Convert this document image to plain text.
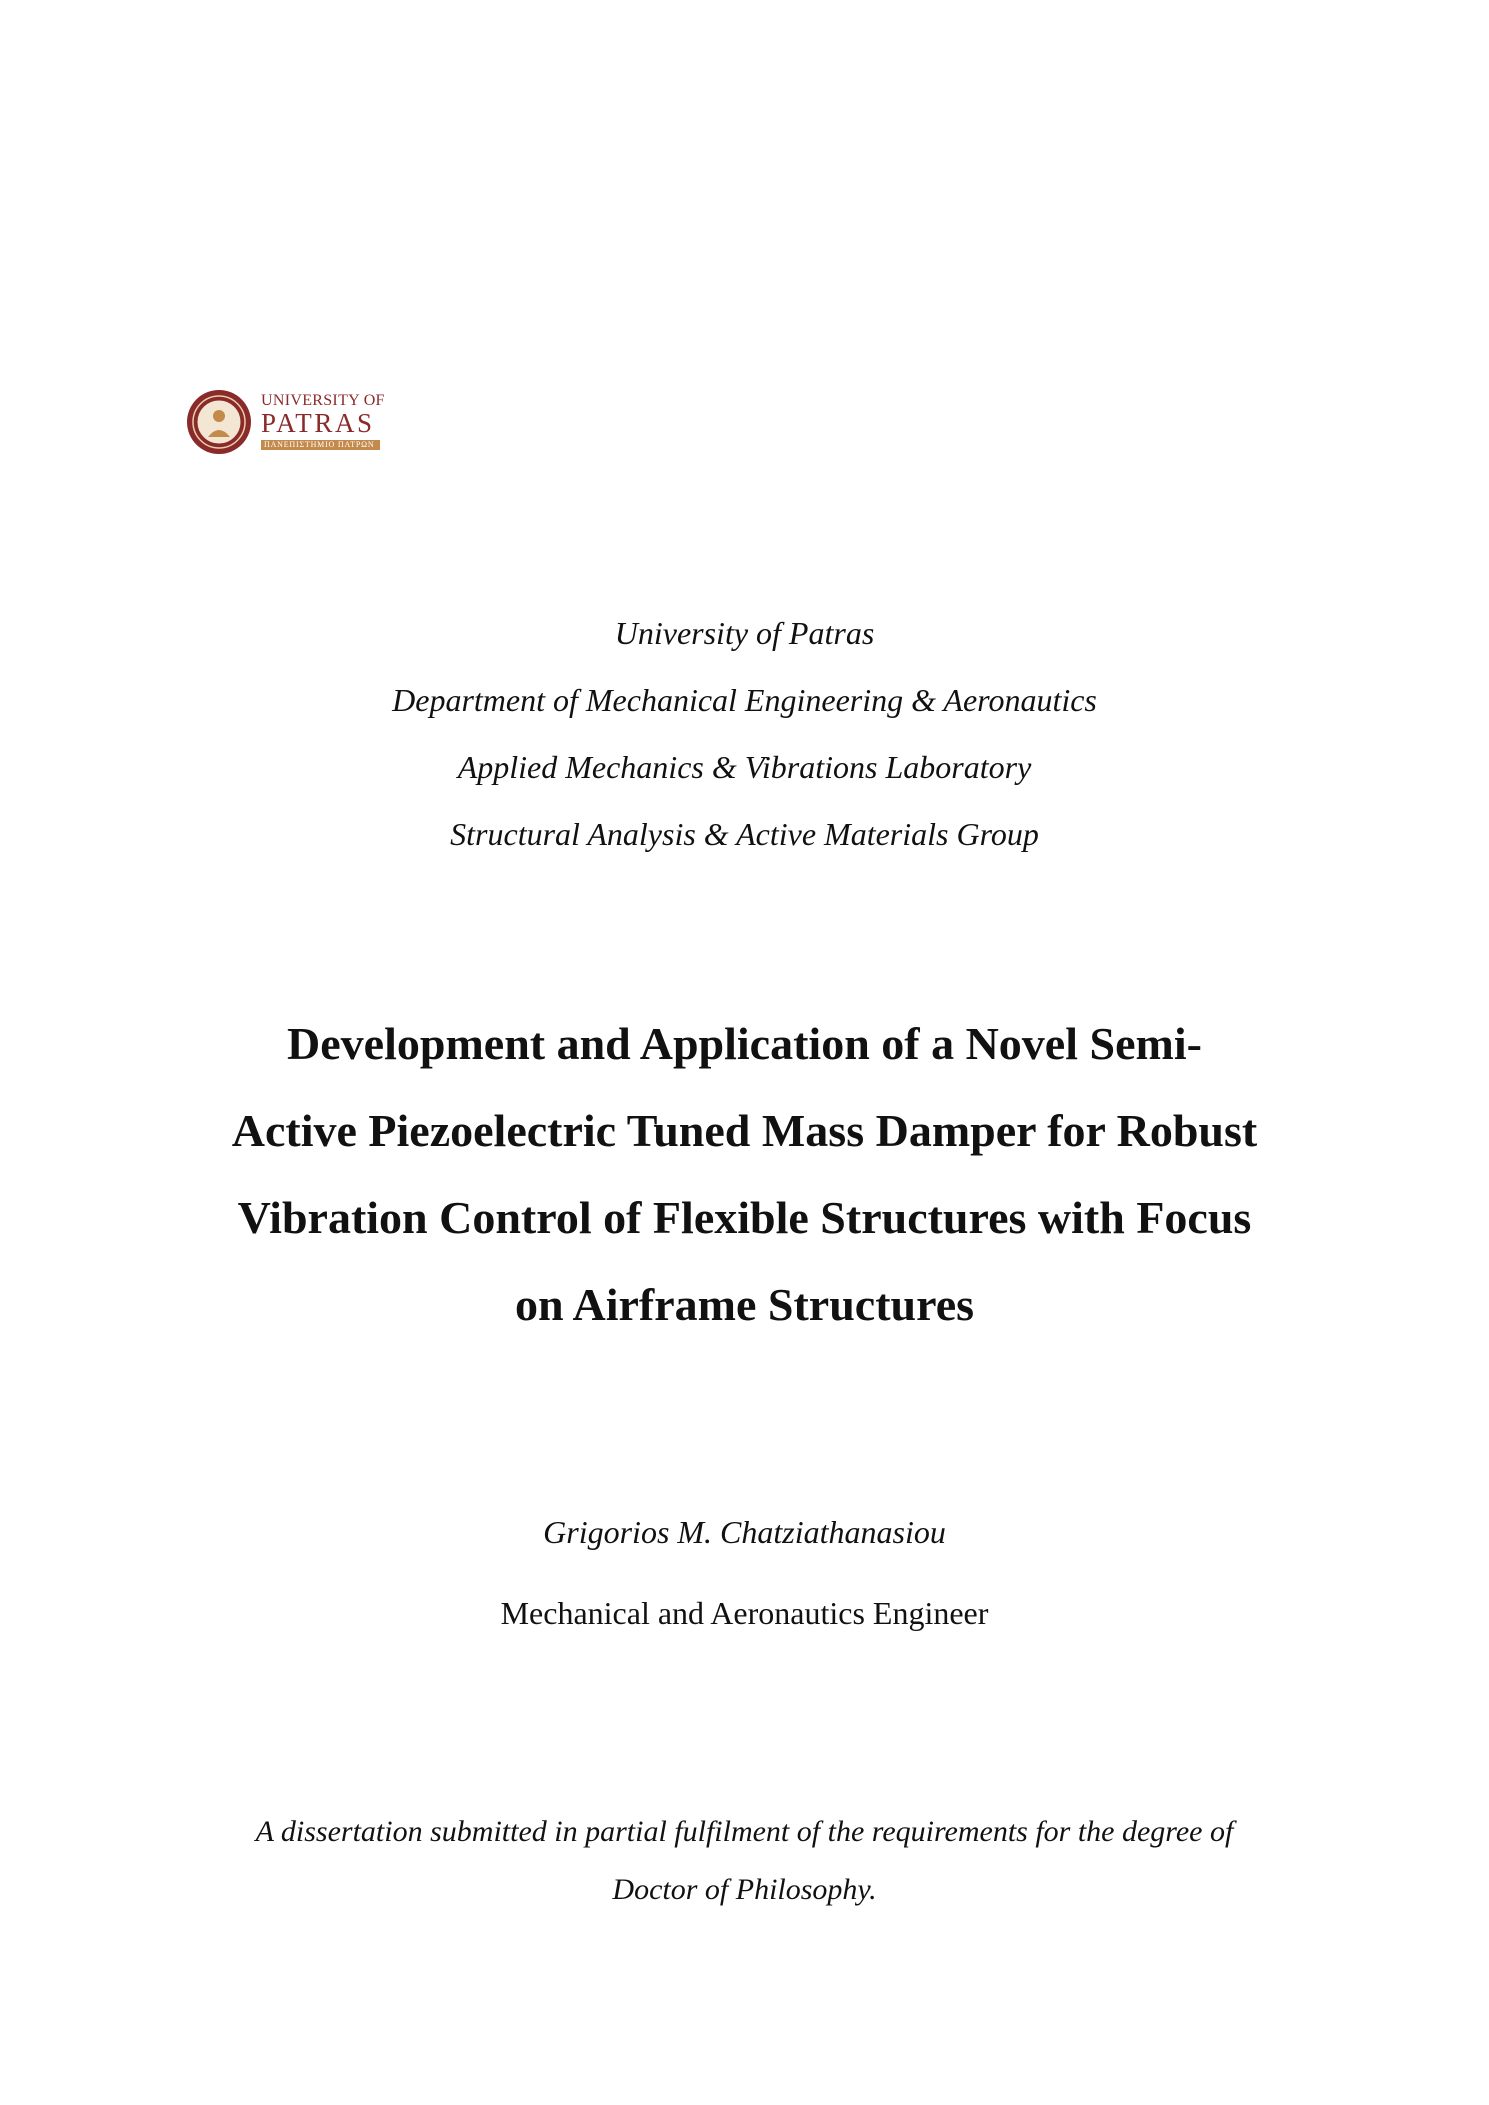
UNIVERSITY OF
PATRAS
ΠΑΝΕΠΙΣΤΗΜΙΟ ΠΑΤΡΩΝ
University of Patras
Department of Mechanical Engineering & Aeronautics
Applied Mechanics & Vibrations Laboratory
Structural Analysis & Active Materials Group
Development and Application of a Novel Semi-
Active Piezoelectric Tuned Mass Damper for Robust
Vibration Control of Flexible Structures with Focus
on Airframe Structures
Grigorios M. Chatziathanasiou
Mechanical and Aeronautics Engineer
A dissertation submitted in partial fulfilment of the requirements for the degree of
Doctor of Philosophy.
